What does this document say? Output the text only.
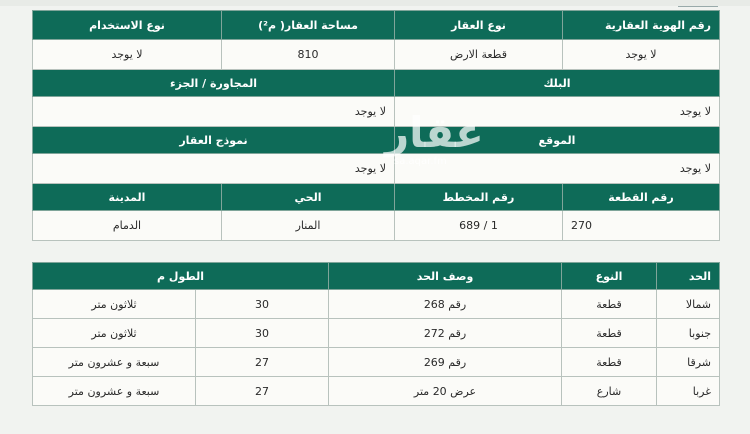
رقم الهوية العقارية	نوع العقار	مساحة العقار( م²)	نوع الاستخدام
لا يوجد	قطعة الارض	810	لا يوجد
البلك		المجاورة / الجزء	
لا يوجد		لا يوجد	
الموقع		نموذج العقار	
لا يوجد		لا يوجد	
رقم القطعة	رقم المخطط	الحي	المدينة
270	1 / 689	المنار	الدمام
الحد	النوع	وصف الحد	الطول م	
شمالا	قطعة	رقم 268	30	ثلاثون متر
جنوبا	قطعة	رقم 272	30	ثلاثون متر
شرقا	قطعة	رقم 269	27	سبعة و عشرون متر
غربا	شارع	عرض 20 متر	27	سبعة و عشرون متر
عقار
sa.aqar.fm
